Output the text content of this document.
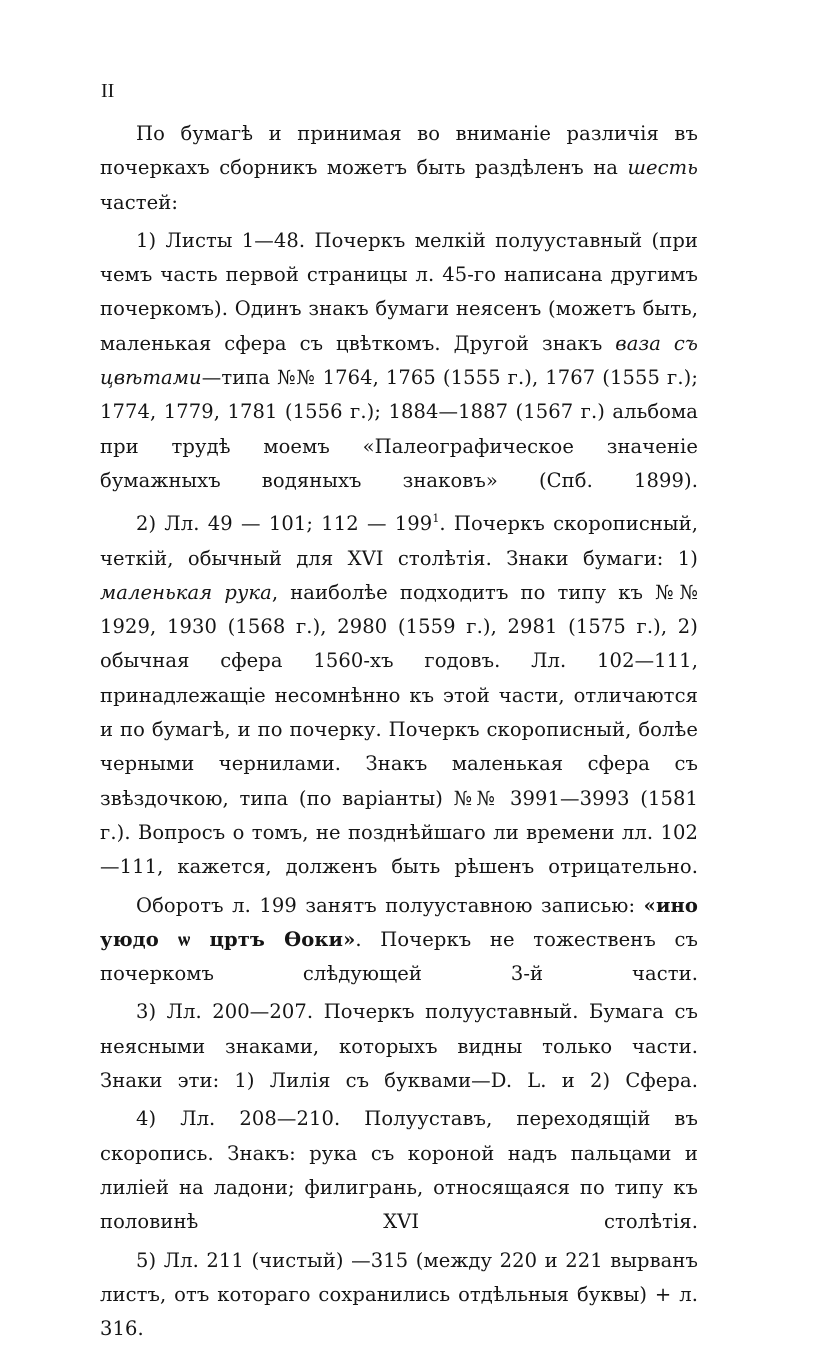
II

По бумагѣ и принимая во вниманіе различія въ почеркахъ сборникъ можетъ быть раздѣленъ на шесть частей:

1) Листы 1—48. Почеркъ мелкій полууставный (при чемъ часть первой страницы л. 45-го написана другимъ почеркомъ). Одинъ знакъ бумаги неясенъ (можетъ быть, маленькая сфера съ цвѣткомъ. Другой знакъ ваза съ цвѣтами—типа №№ 1764, 1765 (1555 г.), 1767 (1555 г.); 1774, 1779, 1781 (1556 г.); 1884—1887 (1567 г.) альбома при трудѣ моемъ «Палеографическое значеніе бумажныхъ водяныхъ знаковъ» (Спб. 1899).

2) Лл. 49 — 101; 112 — $199^1$. Почеркъ скорописный, четкій, обычный для XVI столѣтія. Знаки бумаги: 1) маленькая рука, наиболѣе подходитъ по типу къ №№ 1929, 1930 (1568 г.), 2980 (1559 г.), 2981 (1575 г.), 2) обычная сфера 1560-хъ годовъ. Лл. 102—111, принадлежащіе несомнѣнно къ этой части, отличаются и по бумагѣ, и по почерку. Почеркъ скорописный, болѣе черными чернилами. Знакъ маленькая сфера съ звѣздочкою, типа (по варіанты) №№ 3991—3993 (1581 г.). Вопросъ о томъ, не позднѣйшаго ли времени лл. 102—111, кажется, долженъ быть рѣшенъ отрицательно.

Оборотъ л. 199 занятъ полууставною записью: «ино уюдо ѡ цртъ Ѳоки». Почеркъ не тожественъ съ почеркомъ слѣдующей 3-й части.

3) Лл. 200—207. Почеркъ полууставный. Бумага съ неясными знаками, которыхъ видны только части. Знаки эти: 1) Лилія съ буквами—D. L. и 2) Сфера.

4) Лл. 208—210. Полууставъ, переходящій въ скоропись. Знакъ: рука съ короной надъ пальцами и лиліей на ладони; филигрань, относящаяся по типу къ половинѣ XVI столѣтія.

5) Лл. 211 (чистый) —315 (между 220 и 221 вырванъ листъ, отъ котораго сохранились отдѣльныя буквы) + л. 316.
